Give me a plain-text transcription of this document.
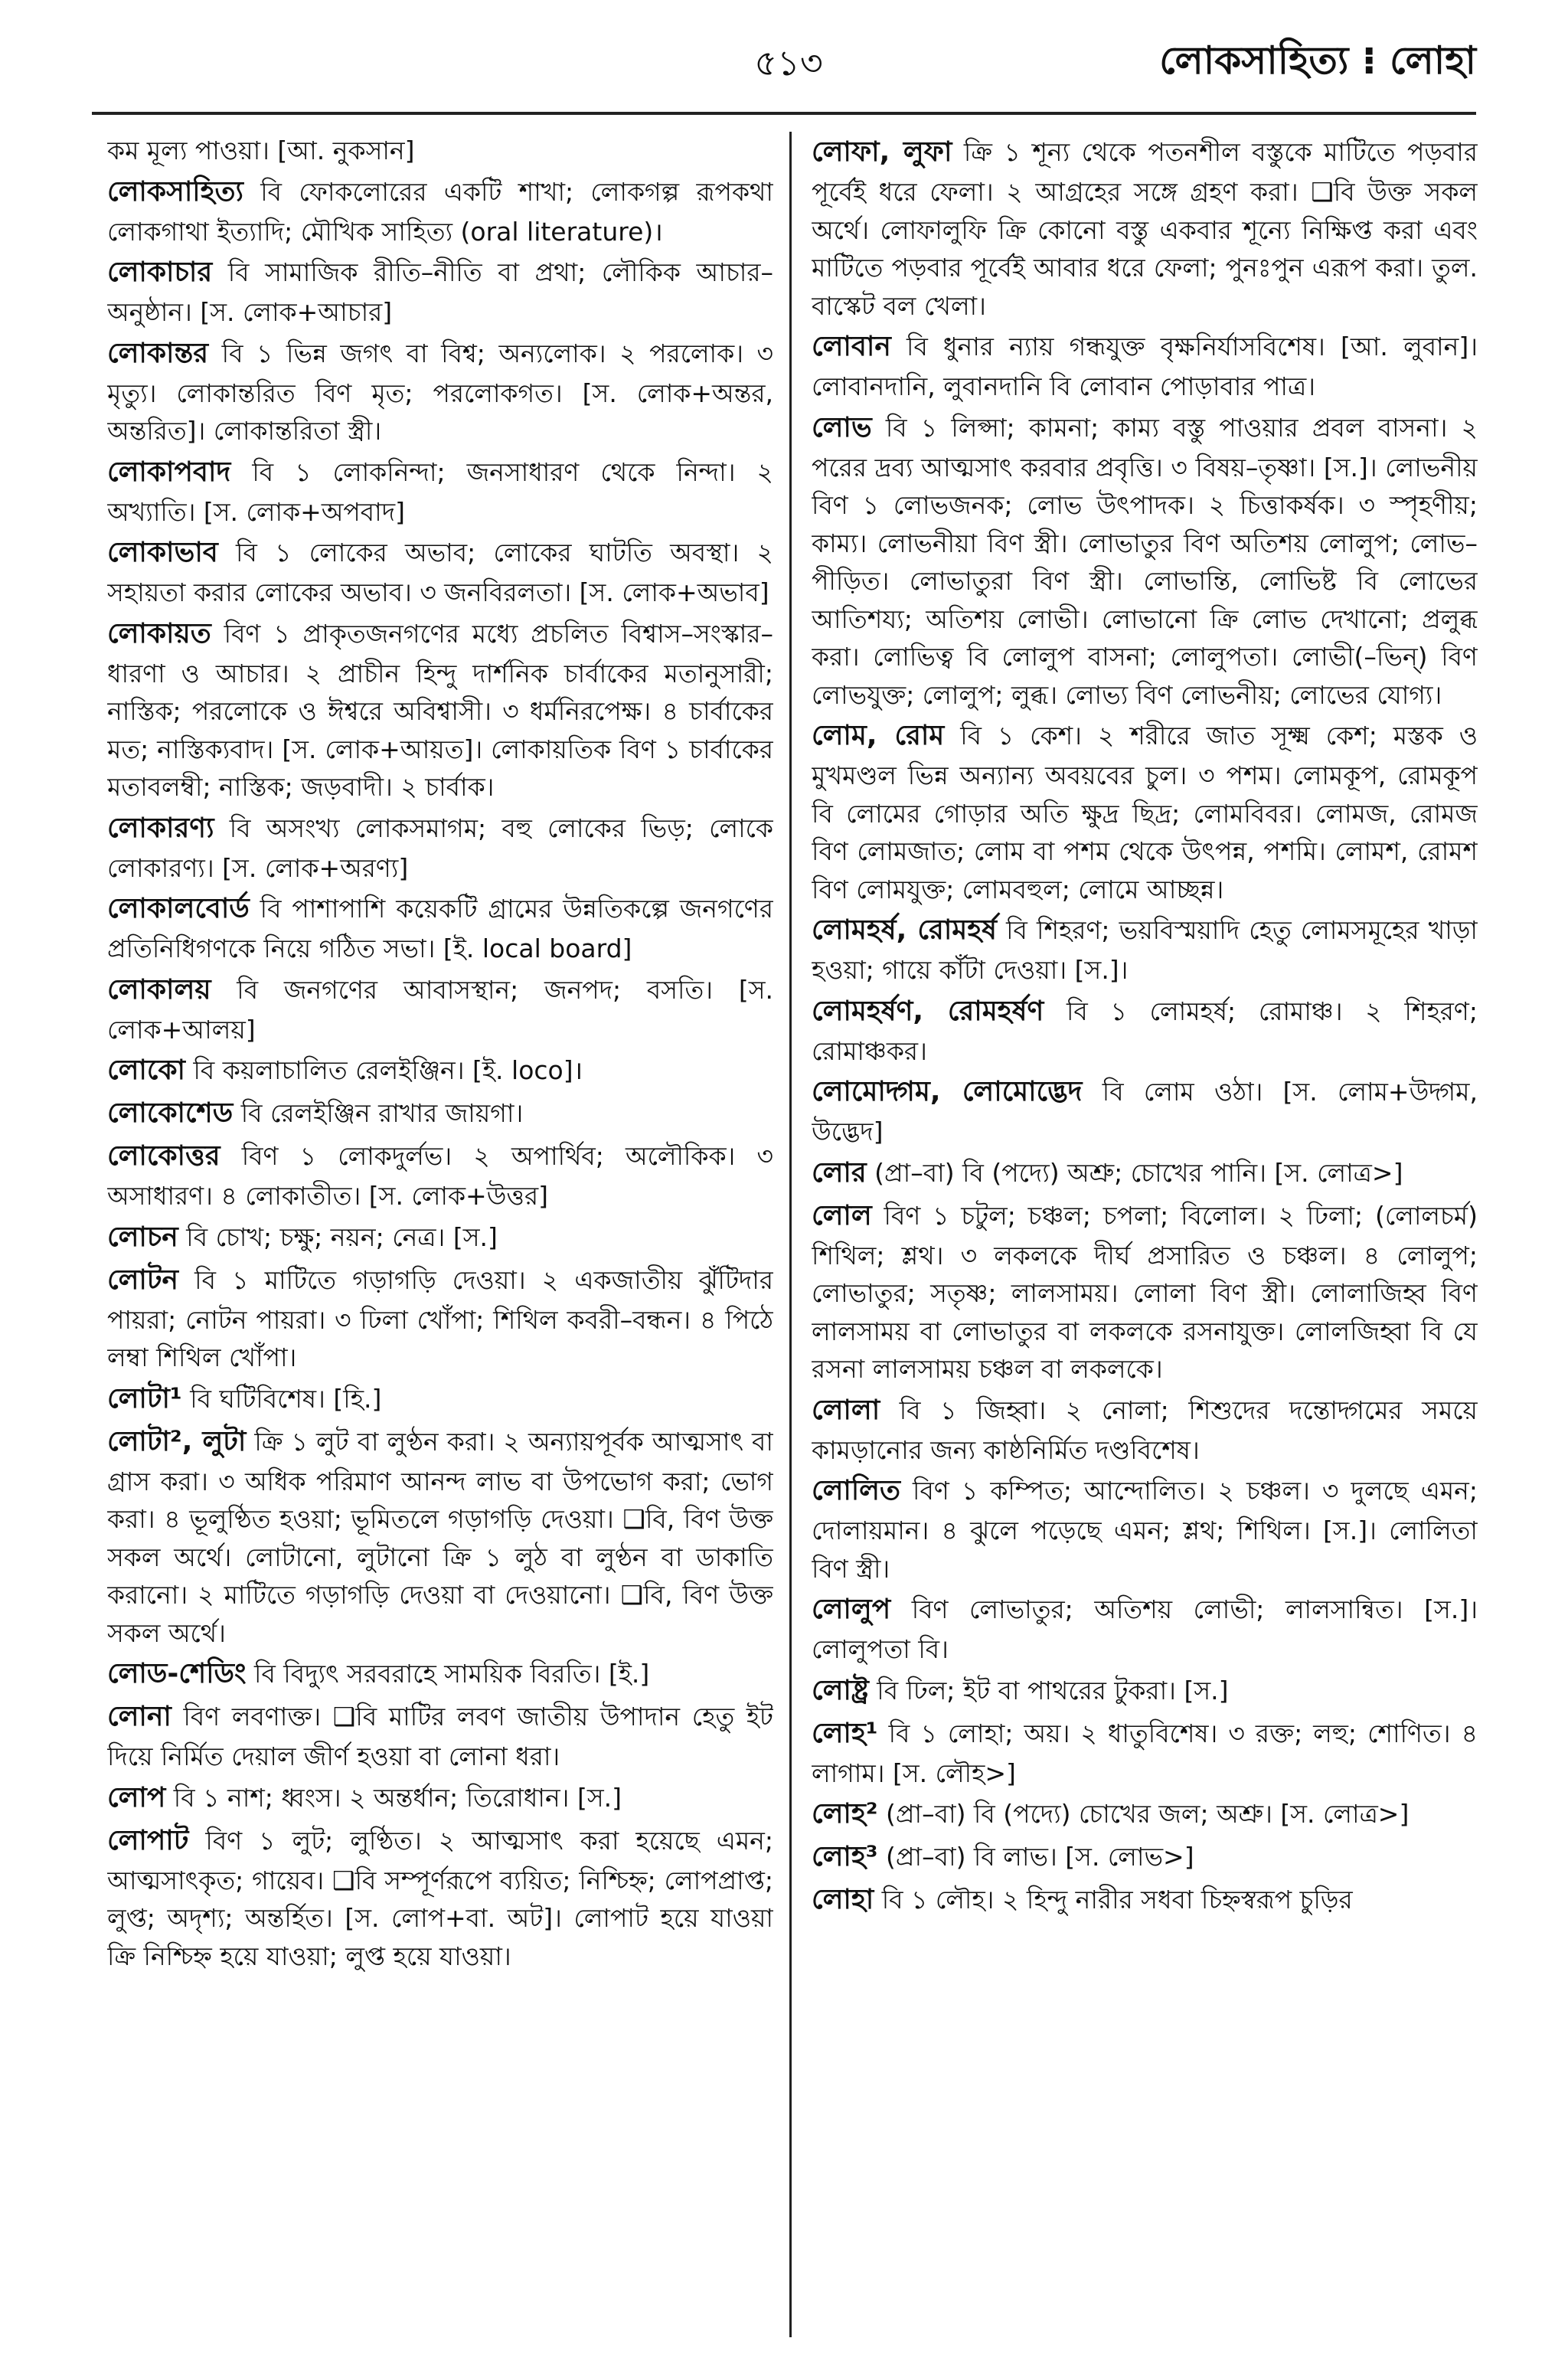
৫১৩	লোকসাহিত্য ⁝ লোহা

কম মূল্য পাওয়া। [আ. নুকসান]

লোকসাহিত্য বি ফোকলোরের একটি শাখা; লোকগল্প রূপকথা লোকগাথা ইত্যাদি; মৌখিক সাহিত্য (oral literature)।

লোকাচার বি সামাজিক রীতি–নীতি বা প্রথা; লৌকিক আচার–অনুষ্ঠান। [স. লোক+আচার]

লোকান্তর বি ১ ভিন্ন জগৎ বা বিশ্ব; অন্যলোক। ২ পরলোক। ৩ মৃত্যু। লোকান্তরিত বিণ মৃত; পরলোকগত। [স. লোক+অন্তর, অন্তরিত]। লোকান্তরিতা স্ত্রী।

লোকাপবাদ বি ১ লোকনিন্দা; জনসাধারণ থেকে নিন্দা। ২ অখ্যাতি। [স. লোক+অপবাদ]

লোকাভাব বি ১ লোকের অভাব; লোকের ঘাটতি অবস্থা। ২ সহায়তা করার লোকের অভাব। ৩ জনবিরলতা। [স. লোক+অভাব]

লোকায়ত বিণ ১ প্রাকৃতজনগণের মধ্যে প্রচলিত বিশ্বাস–সংস্কার–ধারণা ও আচার। ২ প্রাচীন হিন্দু দার্শনিক চার্বাকের মতানুসারী; নাস্তিক; পরলোকে ও ঈশ্বরে অবিশ্বাসী। ৩ ধর্মনিরপেক্ষ। ৪ চার্বাকের মত; নাস্তিক্যবাদ। [স. লোক+আয়ত]। লোকায়তিক বিণ ১ চার্বাকের মতাবলম্বী; নাস্তিক; জড়বাদী। ২ চার্বাক।

লোকারণ্য বি অসংখ্য লোকসমাগম; বহু লোকের ভিড়; লোকে লোকারণ্য। [স. লোক+অরণ্য]

লোকালবোর্ড বি পাশাপাশি কয়েকটি গ্রামের উন্নতিকল্পে জনগণের প্রতিনিধিগণকে নিয়ে গঠিত সভা। [ই. local board]

লোকালয় বি জনগণের আবাসস্থান; জনপদ; বসতি। [স. লোক+আলয়]

লোকো বি কয়লাচালিত রেলইঞ্জিন। [ই. loco]।

লোকোশেড বি রেলইঞ্জিন রাখার জায়গা।

লোকোত্তর বিণ ১ লোকদুর্লভ। ২ অপার্থিব; অলৌকিক। ৩ অসাধারণ। ৪ লোকাতীত। [স. লোক+উত্তর]

লোচন বি চোখ; চক্ষু; নয়ন; নেত্র। [স.]

লোটন বি ১ মাটিতে গড়াগড়ি দেওয়া। ২ একজাতীয় ঝুঁটিদার পায়রা; নোটন পায়রা। ৩ ঢিলা খোঁপা; শিথিল কবরী–বন্ধন। ৪ পিঠে লম্বা শিথিল খোঁপা।

লোটা¹ বি ঘটিবিশেষ। [হি.]

লোটা², লুটা ক্রি ১ লুট বা লুণ্ঠন করা। ২ অন্যায়পূর্বক আত্মসাৎ বা গ্রাস করা। ৩ অধিক পরিমাণ আনন্দ লাভ বা উপভোগ করা; ভোগ করা। ৪ ভূলুণ্ঠিত হওয়া; ভূমিতলে গড়াগড়ি দেওয়া। ❑বি, বিণ উক্ত সকল অর্থে। লোটানো, লুটানো ক্রি ১ লুঠ বা লুণ্ঠন বা ডাকাতি করানো। ২ মাটিতে গড়াগড়ি দেওয়া বা দেওয়ানো। ❑বি, বিণ উক্ত সকল অর্থে।

লোড-শেডিং বি বিদ্যুৎ সরবরাহে সাময়িক বিরতি। [ই.]

লোনা বিণ লবণাক্ত। ❑বি মাটির লবণ জাতীয় উপাদান হেতু ইট দিয়ে নির্মিত দেয়াল জীর্ণ হওয়া বা লোনা ধরা।

লোপ বি ১ নাশ; ধ্বংস। ২ অন্তর্ধান; তিরোধান। [স.]

লোপাট বিণ ১ লুট; লুণ্ঠিত। ২ আত্মসাৎ করা হয়েছে এমন; আত্মসাৎকৃত; গায়েব। ❑বি সম্পূর্ণরূপে ব্যয়িত; নিশ্চিহ্ন; লোপপ্রাপ্ত; লুপ্ত; অদৃশ্য; অন্তর্হিত। [স. লোপ+বা. অট]। লোপাট হয়ে যাওয়া ক্রি নিশ্চিহ্ন হয়ে যাওয়া; লুপ্ত হয়ে যাওয়া।

লোফা, লুফা ক্রি ১ শূন্য থেকে পতনশীল বস্তুকে মাটিতে পড়বার পূর্বেই ধরে ফেলা। ২ আগ্রহের সঙ্গে গ্রহণ করা। ❑বি উক্ত সকল অর্থে। লোফালুফি ক্রি কোনো বস্তু একবার শূন্যে নিক্ষিপ্ত করা এবং মাটিতে পড়বার পূর্বেই আবার ধরে ফেলা; পুনঃপুন এরূপ করা। তুল. বাস্কেট বল খেলা।

লোবান বি ধুনার ন্যায় গন্ধযুক্ত বৃক্ষনির্যাসবিশেষ। [আ. লুবান]। লোবানদানি, লুবানদানি বি লোবান পোড়াবার পাত্র।

লোভ বি ১ লিপ্সা; কামনা; কাম্য বস্তু পাওয়ার প্রবল বাসনা। ২ পরের দ্রব্য আত্মসাৎ করবার প্রবৃত্তি। ৩ বিষয়–তৃষ্ণা। [স.]। লোভনীয় বিণ ১ লোভজনক; লোভ উৎপাদক। ২ চিত্তাকর্ষক। ৩ স্পৃহণীয়; কাম্য। লোভনীয়া বিণ স্ত্রী। লোভাতুর বিণ অতিশয় লোলুপ; লোভ–পীড়িত। লোভাতুরা বিণ স্ত্রী। লোভান্তি, লোভিষ্ট বি লোভের আতিশয্য; অতিশয় লোভী। লোভানো ক্রি লোভ দেখানো; প্রলুব্ধ করা। লোভিত্ব বি লোলুপ বাসনা; লোলুপতা। লোভী(–ভিন্) বিণ লোভযুক্ত; লোলুপ; লুব্ধ। লোভ্য বিণ লোভনীয়; লোভের যোগ্য।

লোম, রোম বি ১ কেশ। ২ শরীরে জাত সূক্ষ্ম কেশ; মস্তক ও মুখমণ্ডল ভিন্ন অন্যান্য অবয়বের চুল। ৩ পশম। লোমকূপ, রোমকূপ বি লোমের গোড়ার অতি ক্ষুদ্র ছিদ্র; লোমবিবর। লোমজ, রোমজ বিণ লোমজাত; লোম বা পশম থেকে উৎপন্ন, পশমি। লোমশ, রোমশ বিণ লোমযুক্ত; লোমবহুল; লোমে আচ্ছন্ন।

লোমহর্ষ, রোমহর্ষ বি শিহরণ; ভয়বিস্ময়াদি হেতু লোমসমূহের খাড়া হওয়া; গায়ে কাঁটা দেওয়া। [স.]।

লোমহর্ষণ, রোমহর্ষণ বি ১ লোমহর্ষ; রোমাঞ্চ। ২ শিহরণ; রোমাঞ্চকর।

লোমোদ্গম, লোমোদ্ভেদ বি লোম ওঠা। [স. লোম+উদ্গম, উদ্ভেদ]

লোর (প্রা–বা) বি (পদ্যে) অশ্রু; চোখের পানি। [স. লোত্র>]

লোল বিণ ১ চটুল; চঞ্চল; চপলা; বিলোল। ২ ঢিলা; (লোলচর্ম) শিথিল; শ্লথ। ৩ লকলকে দীর্ঘ প্রসারিত ও চঞ্চল। ৪ লোলুপ; লোভাতুর; সতৃষ্ণ; লালসাময়। লোলা বিণ স্ত্রী। লোলাজিহ্ব বিণ লালসাময় বা লোভাতুর বা লকলকে রসনাযুক্ত। লোলজিহ্বা বি যে রসনা লালসাময় চঞ্চল বা লকলকে।

লোলা বি ১ জিহ্বা। ২ নোলা; শিশুদের দন্তোদ্গমের সময়ে কামড়ানোর জন্য কাষ্ঠনির্মিত দণ্ডবিশেষ।

লোলিত বিণ ১ কম্পিত; আন্দোলিত। ২ চঞ্চল। ৩ দুলছে এমন; দোলায়মান। ৪ ঝুলে পড়েছে এমন; শ্লথ; শিথিল। [স.]। লোলিতা বিণ স্ত্রী।

লোলুপ বিণ লোভাতুর; অতিশয় লোভী; লালসান্বিত। [স.]। লোলুপতা বি।

লোষ্ট্র বি ঢিল; ইট বা পাথরের টুকরা। [স.]

লোহ¹ বি ১ লোহা; অয়। ২ ধাতুবিশেষ। ৩ রক্ত; লহু; শোণিত। ৪ লাগাম। [স. লৌহ>]

লোহ² (প্রা–বা) বি (পদ্যে) চোখের জল; অশ্রু। [স. লোত্র>]

লোহ³ (প্রা–বা) বি লাভ। [স. লোভ>]

লোহা বি ১ লৌহ। ২ হিন্দু নারীর সধবা চিহ্নস্বরূপ চুড়ির
